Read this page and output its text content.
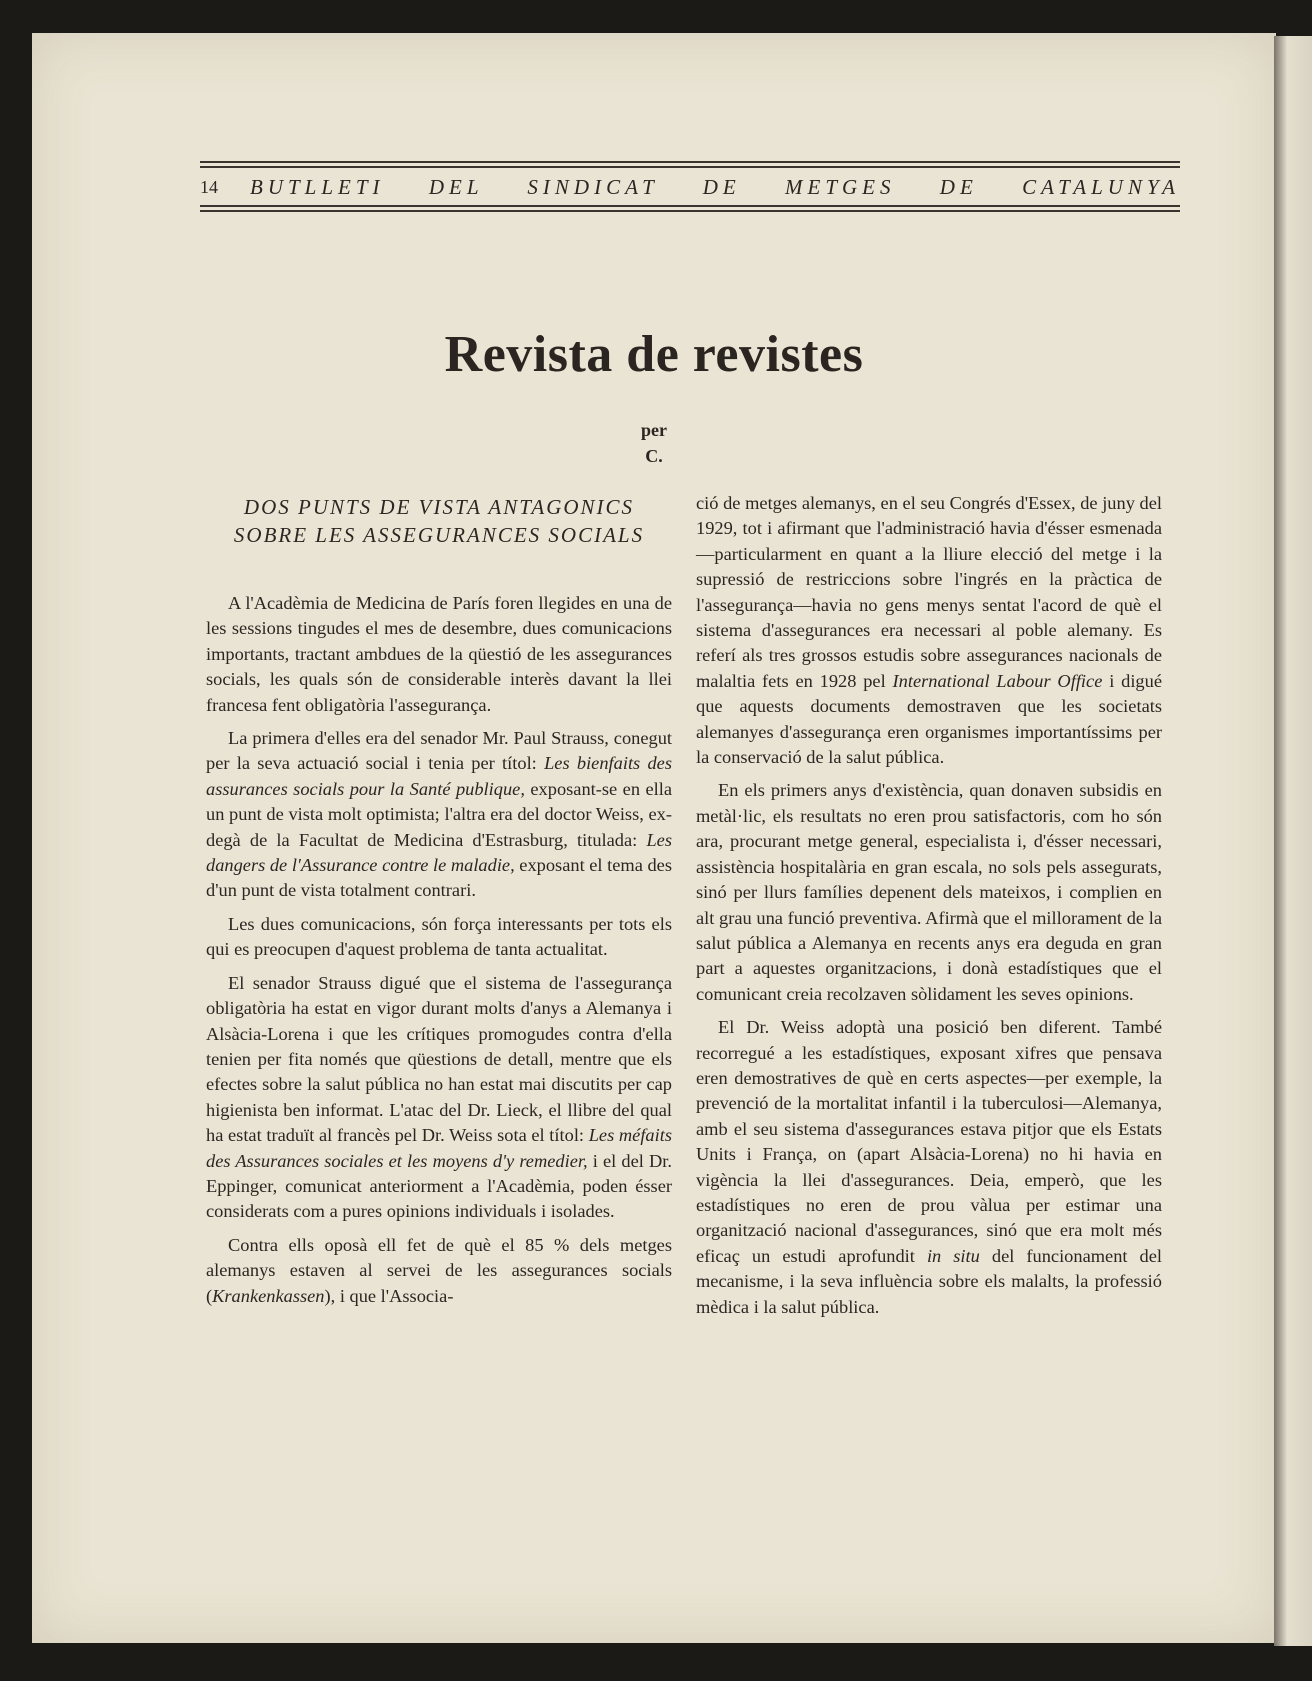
14 BUTLLETI DEL SINDICAT DE METGES DE CATALUNYA
Revista de revistes
per
C.
DOS PUNTS DE VISTA ANTAGONICS
SOBRE LES ASSEGURANCES SOCIALS

A l'Acadèmia de Medicina de París foren llegides en una de les sessions tingudes el mes de desembre, dues comunicacions importants, tractant ambdues de la qüestió de les assegurances socials, les quals són de considerable interès davant la llei francesa fent obligatòria l'assegurança.

La primera d'elles era del senador Mr. Paul Strauss, conegut per la seva actuació social i tenia per títol: Les bienfaits des assurances socials pour la Santé publique, exposant-se en ella un punt de vista molt optimista; l'altra era del doctor Weiss, ex-degà de la Facultat de Medicina d'Estrasburg, titulada: Les dangers de l'Assurance contre le maladie, exposant el tema des d'un punt de vista totalment contrari.

Les dues comunicacions, són força interessants per tots els qui es preocupen d'aquest problema de tanta actualitat.

El senador Strauss digué que el sistema de l'assegurança obligatòria ha estat en vigor durant molts d'anys a Alemanya i Alsàcia-Lorena i que les crítiques promogudes contra d'ella tenien per fita només que qüestions de detall, mentre que els efectes sobre la salut pública no han estat mai discutits per cap higienista ben informat. L'atac del Dr. Lieck, el llibre del qual ha estat traduït al francès pel Dr. Weiss sota el títol: Les méfaits des Assurances sociales et les moyens d'y remedier, i el del Dr. Eppinger, comunicat anteriorment a l'Acadèmia, poden ésser considerats com a pures opinions individuals i isolades.

Contra ells oposà ell fet de què el 85 % dels metges alemanys estaven al servei de les assegurances socials (Krankenkassen), i que l'Associa-

ció de metges alemanys, en el seu Congrés d'Essex, de juny del 1929, tot i afirmant que l'administració havia d'ésser esmenada—particularment en quant a la lliure elecció del metge i la supressió de restriccions sobre l'ingrés en la pràctica de l'assegurança—havia no gens menys sentat l'acord de què el sistema d'assegurances era necessari al poble alemany. Es referí als tres grossos estudis sobre assegurances nacionals de malaltia fets en 1928 pel International Labour Office i digué que aquests documents demostraven que les societats alemanyes d'assegurança eren organismes importantíssims per la conservació de la salut pública.

En els primers anys d'existència, quan donaven subsidis en metàl·lic, els resultats no eren prou satisfactoris, com ho són ara, procurant metge general, especialista i, d'ésser necessari, assistència hospitalària en gran escala, no sols pels assegurats, sinó per llurs famílies depenent dels mateixos, i complien en alt grau una funció preventiva. Afirmà que el millorament de la salut pública a Alemanya en recents anys era deguda en gran part a aquestes organitzacions, i donà estadístiques que el comunicant creia recolzaven sòlidament les seves opinions.

El Dr. Weiss adoptà una posició ben diferent. També recorregué a les estadístiques, exposant xifres que pensava eren demostratives de què en certs aspectes—per exemple, la prevenció de la mortalitat infantil i la tuberculosi—Alemanya, amb el seu sistema d'assegurances estava pitjor que els Estats Units i França, on (apart Alsàcia-Lorena) no hi havia en vigència la llei d'assegurances. Deia, emperò, que les estadístiques no eren de prou vàlua per estimar una organització nacional d'assegurances, sinó que era molt més eficaç un estudi aprofundit in situ del funcionament del mecanisme, i la seva influència sobre els malalts, la professió mèdica i la salut pública.
